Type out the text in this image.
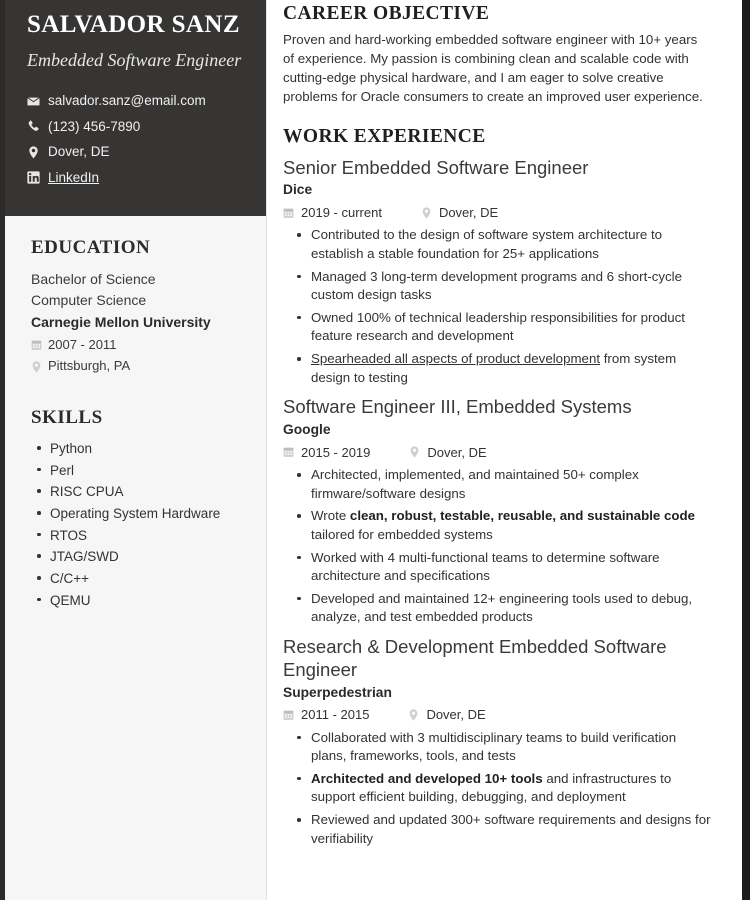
SALVADOR SANZ
Embedded Software Engineer
salvador.sanz@email.com
(123) 456-7890
Dover, DE
LinkedIn
EDUCATION
Bachelor of Science
Computer Science
Carnegie Mellon University
2007 - 2011
Pittsburgh, PA
SKILLS
Python
Perl
RISC CPUA
Operating System Hardware
RTOS
JTAG/SWD
C/C++
QEMU
CAREER OBJECTIVE
Proven and hard-working embedded software engineer with 10+ years of experience. My passion is combining clean and scalable code with cutting-edge physical hardware, and I am eager to solve creative problems for Oracle consumers to create an improved user experience.
WORK EXPERIENCE
Senior Embedded Software Engineer
Dice
2019 - current	Dover, DE
Contributed to the design of software system architecture to establish a stable foundation for 25+ applications
Managed 3 long-term development programs and 6 short-cycle custom design tasks
Owned 100% of technical leadership responsibilities for product feature research and development
Spearheaded all aspects of product development from system design to testing
Software Engineer III, Embedded Systems
Google
2015 - 2019	Dover, DE
Architected, implemented, and maintained 50+ complex firmware/software designs
Wrote clean, robust, testable, reusable, and sustainable code tailored for embedded systems
Worked with 4 multi-functional teams to determine software architecture and specifications
Developed and maintained 12+ engineering tools used to debug, analyze, and test embedded products
Research & Development Embedded Software Engineer
Superpedestrian
2011 - 2015	Dover, DE
Collaborated with 3 multidisciplinary teams to build verification plans, frameworks, tools, and tests
Architected and developed 10+ tools and infrastructures to support efficient building, debugging, and deployment
Reviewed and updated 300+ software requirements and designs for verifiability
